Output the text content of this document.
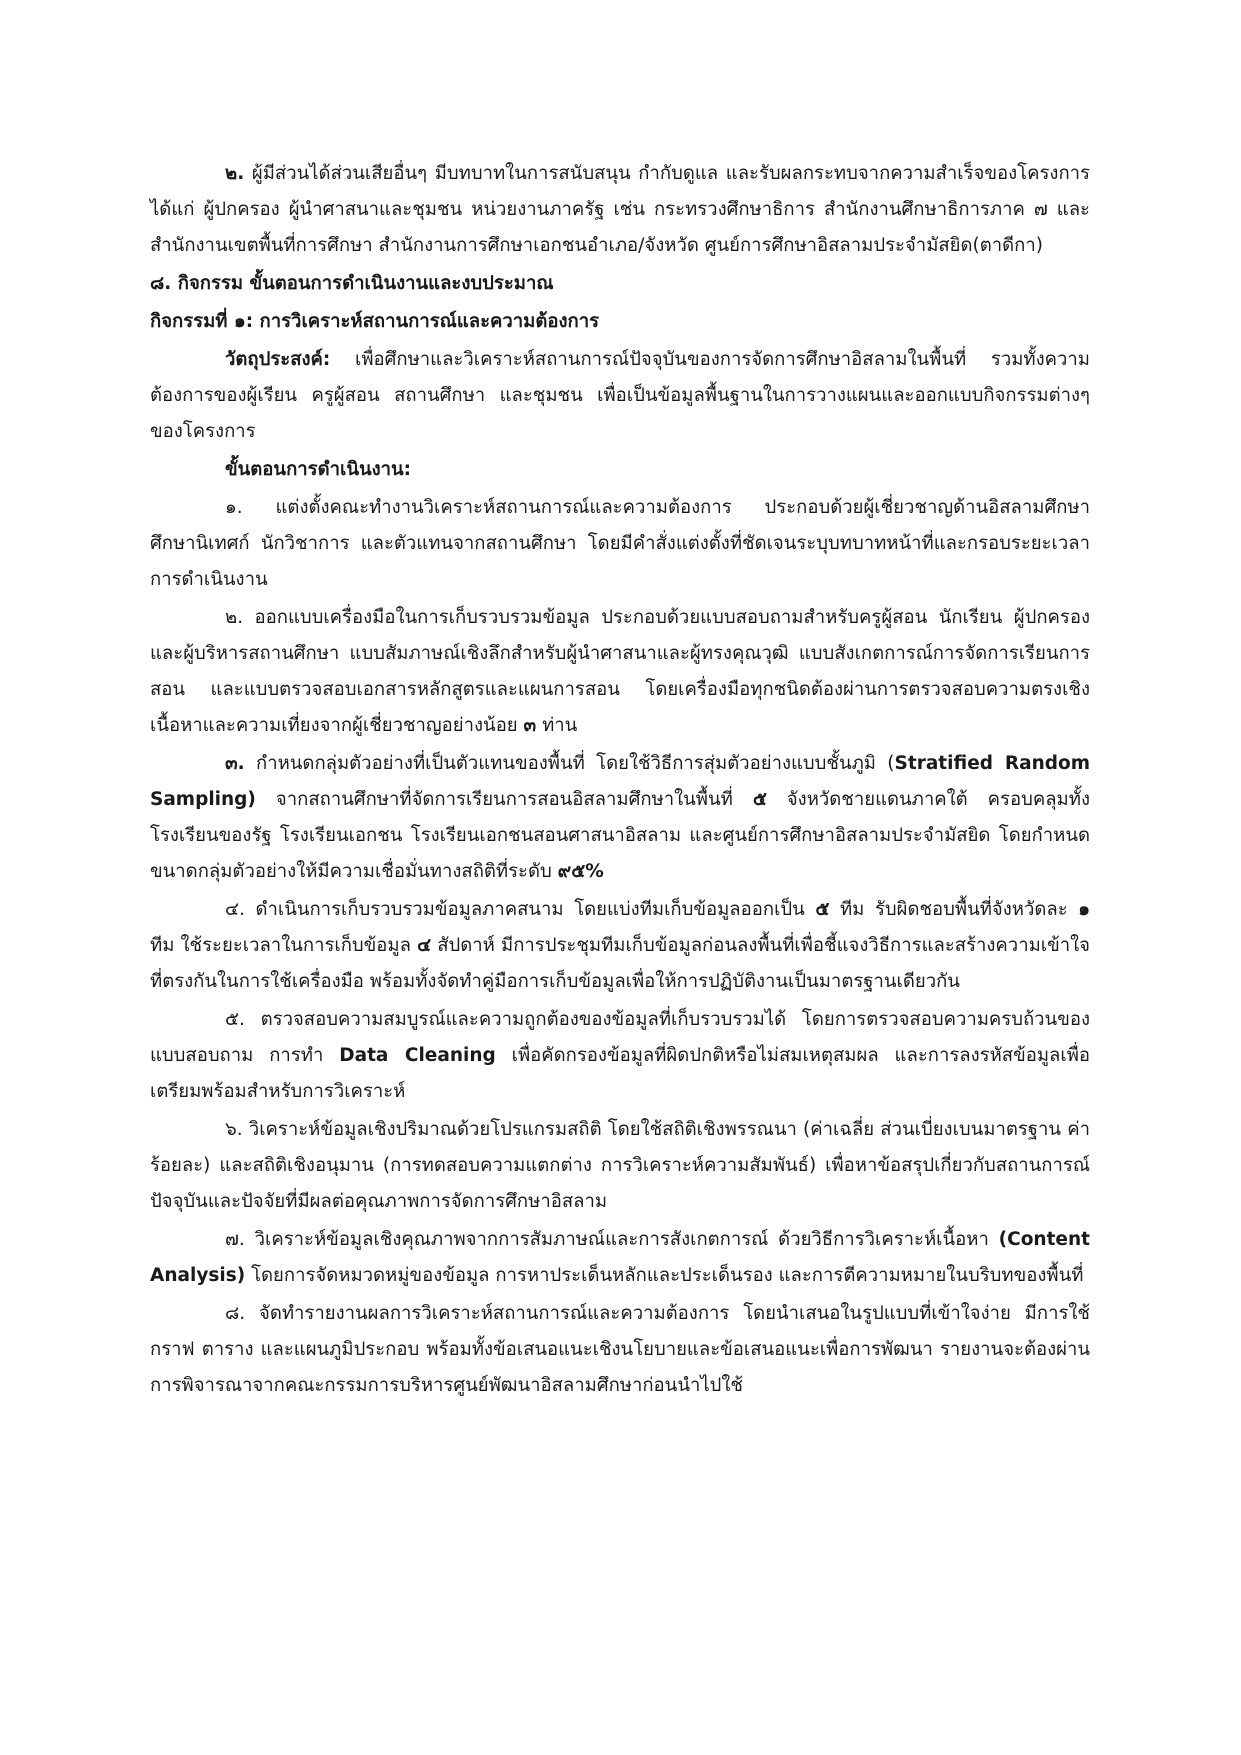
๒. ผู้มีส่วนได้ส่วนเสียอื่นๆ มีบทบาทในการสนับสนุน กำกับดูแล และรับผลกระทบจากความสำเร็จของโครงการได้แก่ ผู้ปกครอง ผู้นำศาสนาและชุมชน หน่วยงานภาครัฐ เช่น กระทรวงศึกษาธิการ สำนักงานศึกษาธิการภาค ๗ และสำนักงานเขตพื้นที่การศึกษา สำนักงานการศึกษาเอกชนอำเภอ/จังหวัด ศูนย์การศึกษาอิสลามประจำมัสยิด(ตาดีกา)

๘. กิจกรรม ขั้นตอนการดำเนินงานและงบประมาณ

กิจกรรมที่ ๑: การวิเคราะห์สถานการณ์และความต้องการ

วัตถุประสงค์: เพื่อศึกษาและวิเคราะห์สถานการณ์ปัจจุบันของการจัดการศึกษาอิสลามในพื้นที่ รวมทั้งความต้องการของผู้เรียน ครูผู้สอน สถานศึกษา และชุมชน เพื่อเป็นข้อมูลพื้นฐานในการวางแผนและออกแบบกิจกรรมต่างๆ ของโครงการ

ขั้นตอนการดำเนินงาน:

๑. แต่งตั้งคณะทำงานวิเคราะห์สถานการณ์และความต้องการ ประกอบด้วยผู้เชี่ยวชาญด้านอิสลามศึกษา ศึกษานิเทศก์ นักวิชาการ และตัวแทนจากสถานศึกษา โดยมีคำสั่งแต่งตั้งที่ชัดเจนระบุบทบาทหน้าที่และกรอบระยะเวลาการดำเนินงาน

๒. ออกแบบเครื่องมือในการเก็บรวบรวมข้อมูล ประกอบด้วยแบบสอบถามสำหรับครูผู้สอน นักเรียน ผู้ปกครอง และผู้บริหารสถานศึกษา แบบสัมภาษณ์เชิงลึกสำหรับผู้นำศาสนาและผู้ทรงคุณวุฒิ แบบสังเกตการณ์การจัดการเรียนการสอน และแบบตรวจสอบเอกสารหลักสูตรและแผนการสอน โดยเครื่องมือทุกชนิดต้องผ่านการตรวจสอบความตรงเชิงเนื้อหาและความเที่ยงจากผู้เชี่ยวชาญอย่างน้อย ๓ ท่าน

๓. กำหนดกลุ่มตัวอย่างที่เป็นตัวแทนของพื้นที่ โดยใช้วิธีการสุ่มตัวอย่างแบบชั้นภูมิ (Stratified Random Sampling) จากสถานศึกษาที่จัดการเรียนการสอนอิสลามศึกษาในพื้นที่ ๕ จังหวัดชายแดนภาคใต้ ครอบคลุมทั้งโรงเรียนของรัฐ โรงเรียนเอกชน โรงเรียนเอกชนสอนศาสนาอิสลาม และศูนย์การศึกษาอิสลามประจำมัสยิด โดยกำหนดขนาดกลุ่มตัวอย่างให้มีความเชื่อมั่นทางสถิติที่ระดับ ๙๕%

๔. ดำเนินการเก็บรวบรวมข้อมูลภาคสนาม โดยแบ่งทีมเก็บข้อมูลออกเป็น ๕ ทีม รับผิดชอบพื้นที่จังหวัดละ ๑ ทีม ใช้ระยะเวลาในการเก็บข้อมูล ๔ สัปดาห์ มีการประชุมทีมเก็บข้อมูลก่อนลงพื้นที่เพื่อชี้แจงวิธีการและสร้างความเข้าใจที่ตรงกันในการใช้เครื่องมือ พร้อมทั้งจัดทำคู่มือการเก็บข้อมูลเพื่อให้การปฏิบัติงานเป็นมาตรฐานเดียวกัน

๕. ตรวจสอบความสมบูรณ์และความถูกต้องของข้อมูลที่เก็บรวบรวมได้ โดยการตรวจสอบความครบถ้วนของแบบสอบถาม การทำ Data Cleaning เพื่อคัดกรองข้อมูลที่ผิดปกติหรือไม่สมเหตุสมผล และการลงรหัสข้อมูลเพื่อเตรียมพร้อมสำหรับการวิเคราะห์

๖. วิเคราะห์ข้อมูลเชิงปริมาณด้วยโปรแกรมสถิติ โดยใช้สถิติเชิงพรรณนา (ค่าเฉลี่ย ส่วนเบี่ยงเบนมาตรฐาน ค่าร้อยละ) และสถิติเชิงอนุมาน (การทดสอบความแตกต่าง การวิเคราะห์ความสัมพันธ์) เพื่อหาข้อสรุปเกี่ยวกับสถานการณ์ปัจจุบันและปัจจัยที่มีผลต่อคุณภาพการจัดการศึกษาอิสลาม

๗. วิเคราะห์ข้อมูลเชิงคุณภาพจากการสัมภาษณ์และการสังเกตการณ์ ด้วยวิธีการวิเคราะห์เนื้อหา (Content Analysis) โดยการจัดหมวดหมู่ของข้อมูล การหาประเด็นหลักและประเด็นรอง และการตีความหมายในบริบทของพื้นที่

๘. จัดทำรายงานผลการวิเคราะห์สถานการณ์และความต้องการ โดยนำเสนอในรูปแบบที่เข้าใจง่าย มีการใช้กราฟ ตาราง และแผนภูมิประกอบ พร้อมทั้งข้อเสนอแนะเชิงนโยบายและข้อเสนอแนะเพื่อการพัฒนา รายงานจะต้องผ่านการพิจารณาจากคณะกรรมการบริหารศูนย์พัฒนาอิสลามศึกษาก่อนนำไปใช้
